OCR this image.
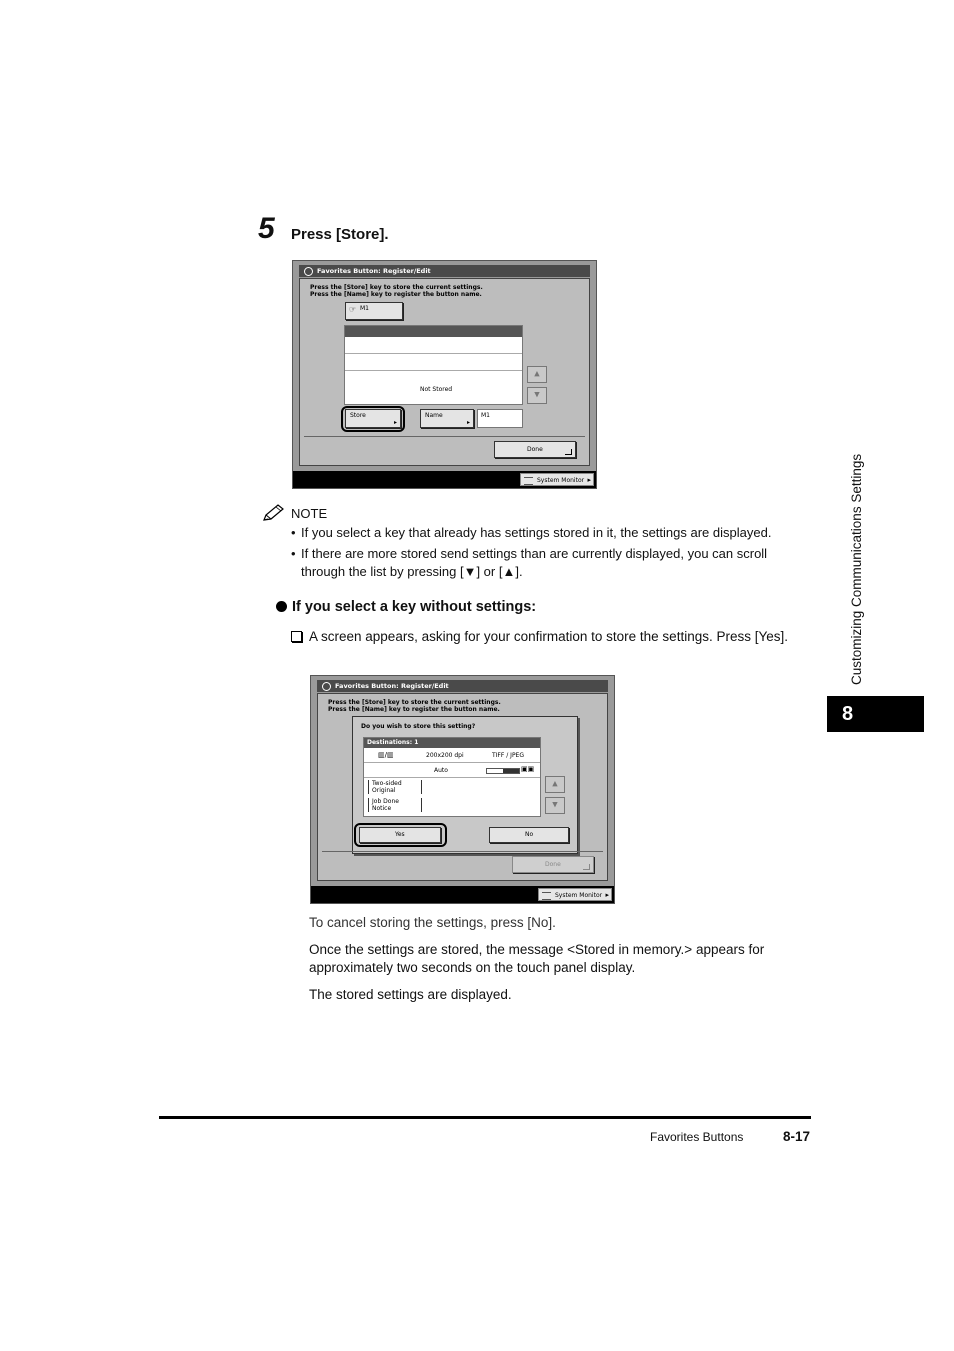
5 Press [Store].
Favorites Button: Register/Edit
Press the [Store] key to store the current settings.
Press the [Name] key to register the button name.
☞ M1
Not Stored
▲
▼
Store
▸
Name
▸
M1
Done
System Monitor ▸
NOTE
• If you select a key that already has settings stored in it, the settings are displayed.
• If there are more stored send settings than are currently displayed, you can scroll through the list by pressing [▼] or [▲].
If you select a key without settings:
A screen appears, asking for your confirmation to store the settings. Press [Yes].
Favorites Button: Register/Edit
Press the [Store] key to store the current settings.
Press the [Name] key to register the button name.
Do you wish to store this setting?
Destinations: 1
▥/▥	200x200 dpi	TIFF / JPEG
Auto	▣▣
Two-sided
Original
Job Done
Notice
Yes	No
▲
▼
Done
System Monitor ▸
To cancel storing the settings, press [No].
Once the settings are stored, the message <Stored in memory.> appears for approximately two seconds on the touch panel display.
The stored settings are displayed.
Customizing Communications Settings
8
Favorites Buttons	8-17
